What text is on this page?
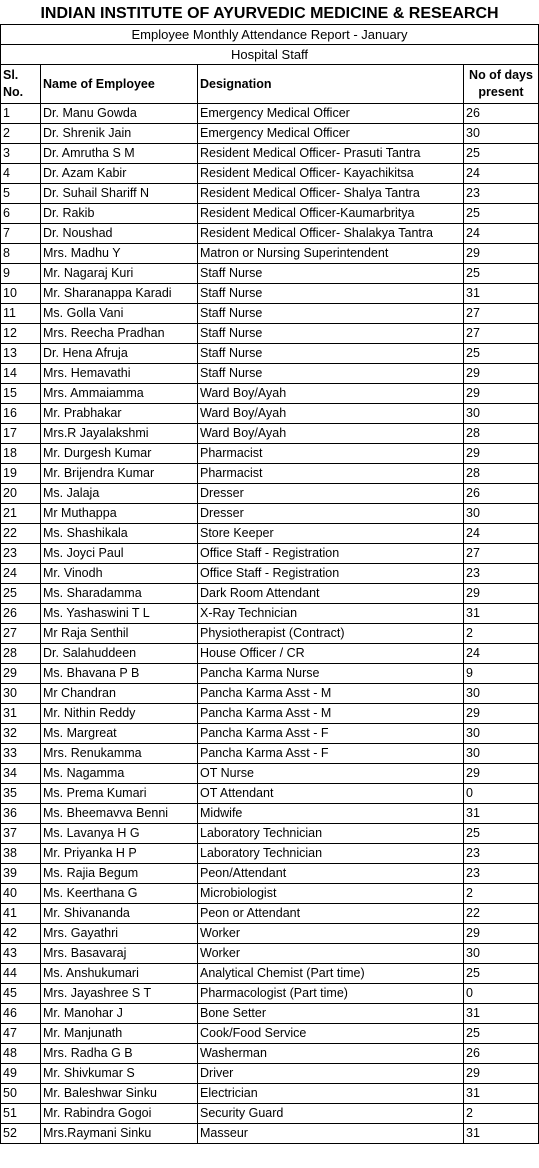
INDIAN INSTITUTE OF AYURVEDIC MEDICINE & RESEARCH			
Employee Monthly Attendance Report - January			
Hospital Staff			
Sl. No.	Name of Employee	Designation	No of days present
1	Dr. Manu Gowda	Emergency Medical Officer	26
2	Dr. Shrenik Jain	Emergency Medical Officer	30
3	Dr. Amrutha S M	Resident Medical Officer- Prasuti Tantra	25
4	Dr. Azam Kabir	Resident Medical Officer- Kayachikitsa	24
5	Dr. Suhail Shariff N	Resident Medical Officer- Shalya Tantra	23
6	Dr. Rakib	Resident Medical Officer-Kaumarbritya	25
7	Dr. Noushad	Resident Medical Officer- Shalakya Tantra	24
8	Mrs. Madhu Y	Matron or Nursing Superintendent	29
9	Mr. Nagaraj Kuri	Staff Nurse	25
10	Mr. Sharanappa Karadi	Staff Nurse	31
11	Ms. Golla Vani	Staff Nurse	27
12	Mrs. Reecha Pradhan	Staff Nurse	27
13	Dr. Hena Afruja	Staff Nurse	25
14	Mrs. Hemavathi	Staff Nurse	29
15	Mrs. Ammaiamma	Ward Boy/Ayah	29
16	Mr. Prabhakar	Ward Boy/Ayah	30
17	Mrs.R Jayalakshmi	Ward Boy/Ayah	28
18	Mr. Durgesh Kumar	Pharmacist	29
19	Mr. Brijendra Kumar	Pharmacist	28
20	Ms. Jalaja	Dresser	26
21	Mr Muthappa	Dresser	30
22	Ms. Shashikala	Store Keeper	24
23	Ms. Joyci Paul	Office Staff - Registration	27
24	Mr. Vinodh	Office Staff - Registration	23
25	Ms. Sharadamma	Dark Room Attendant	29
26	Ms. Yashaswini T L	X-Ray Technician	31
27	Mr Raja Senthil	Physiotherapist (Contract)	2
28	Dr. Salahuddeen	House Officer / CR	24
29	Ms. Bhavana P B	Pancha Karma Nurse	9
30	Mr Chandran	Pancha Karma Asst - M	30
31	Mr. Nithin Reddy	Pancha Karma Asst - M	29
32	Ms. Margreat	Pancha Karma Asst - F	30
33	Mrs. Renukamma	Pancha Karma Asst - F	30
34	Ms. Nagamma	OT Nurse	29
35	Ms. Prema Kumari	OT Attendant	0
36	Ms. Bheemavva Benni	Midwife	31
37	Ms. Lavanya H G	Laboratory Technician	25
38	Mr. Priyanka H P	Laboratory Technician	23
39	Ms. Rajia Begum	Peon/Attendant	23
40	Ms. Keerthana G	Microbiologist	2
41	Mr. Shivananda	Peon or Attendant	22
42	Mrs. Gayathri	Worker	29
43	Mrs. Basavaraj	Worker	30
44	Ms. Anshukumari	Analytical Chemist (Part time)	25
45	Mrs. Jayashree S T	Pharmacologist (Part time)	0
46	Mr. Manohar J	Bone Setter	31
47	Mr. Manjunath	Cook/Food Service	25
48	Mrs. Radha G B	Washerman	26
49	Mr. Shivkumar S	Driver	29
50	Mr. Baleshwar Sinku	Electrician	31
51	Mr. Rabindra Gogoi	Security Guard	2
52	Mrs.Raymani Sinku	Masseur	31
